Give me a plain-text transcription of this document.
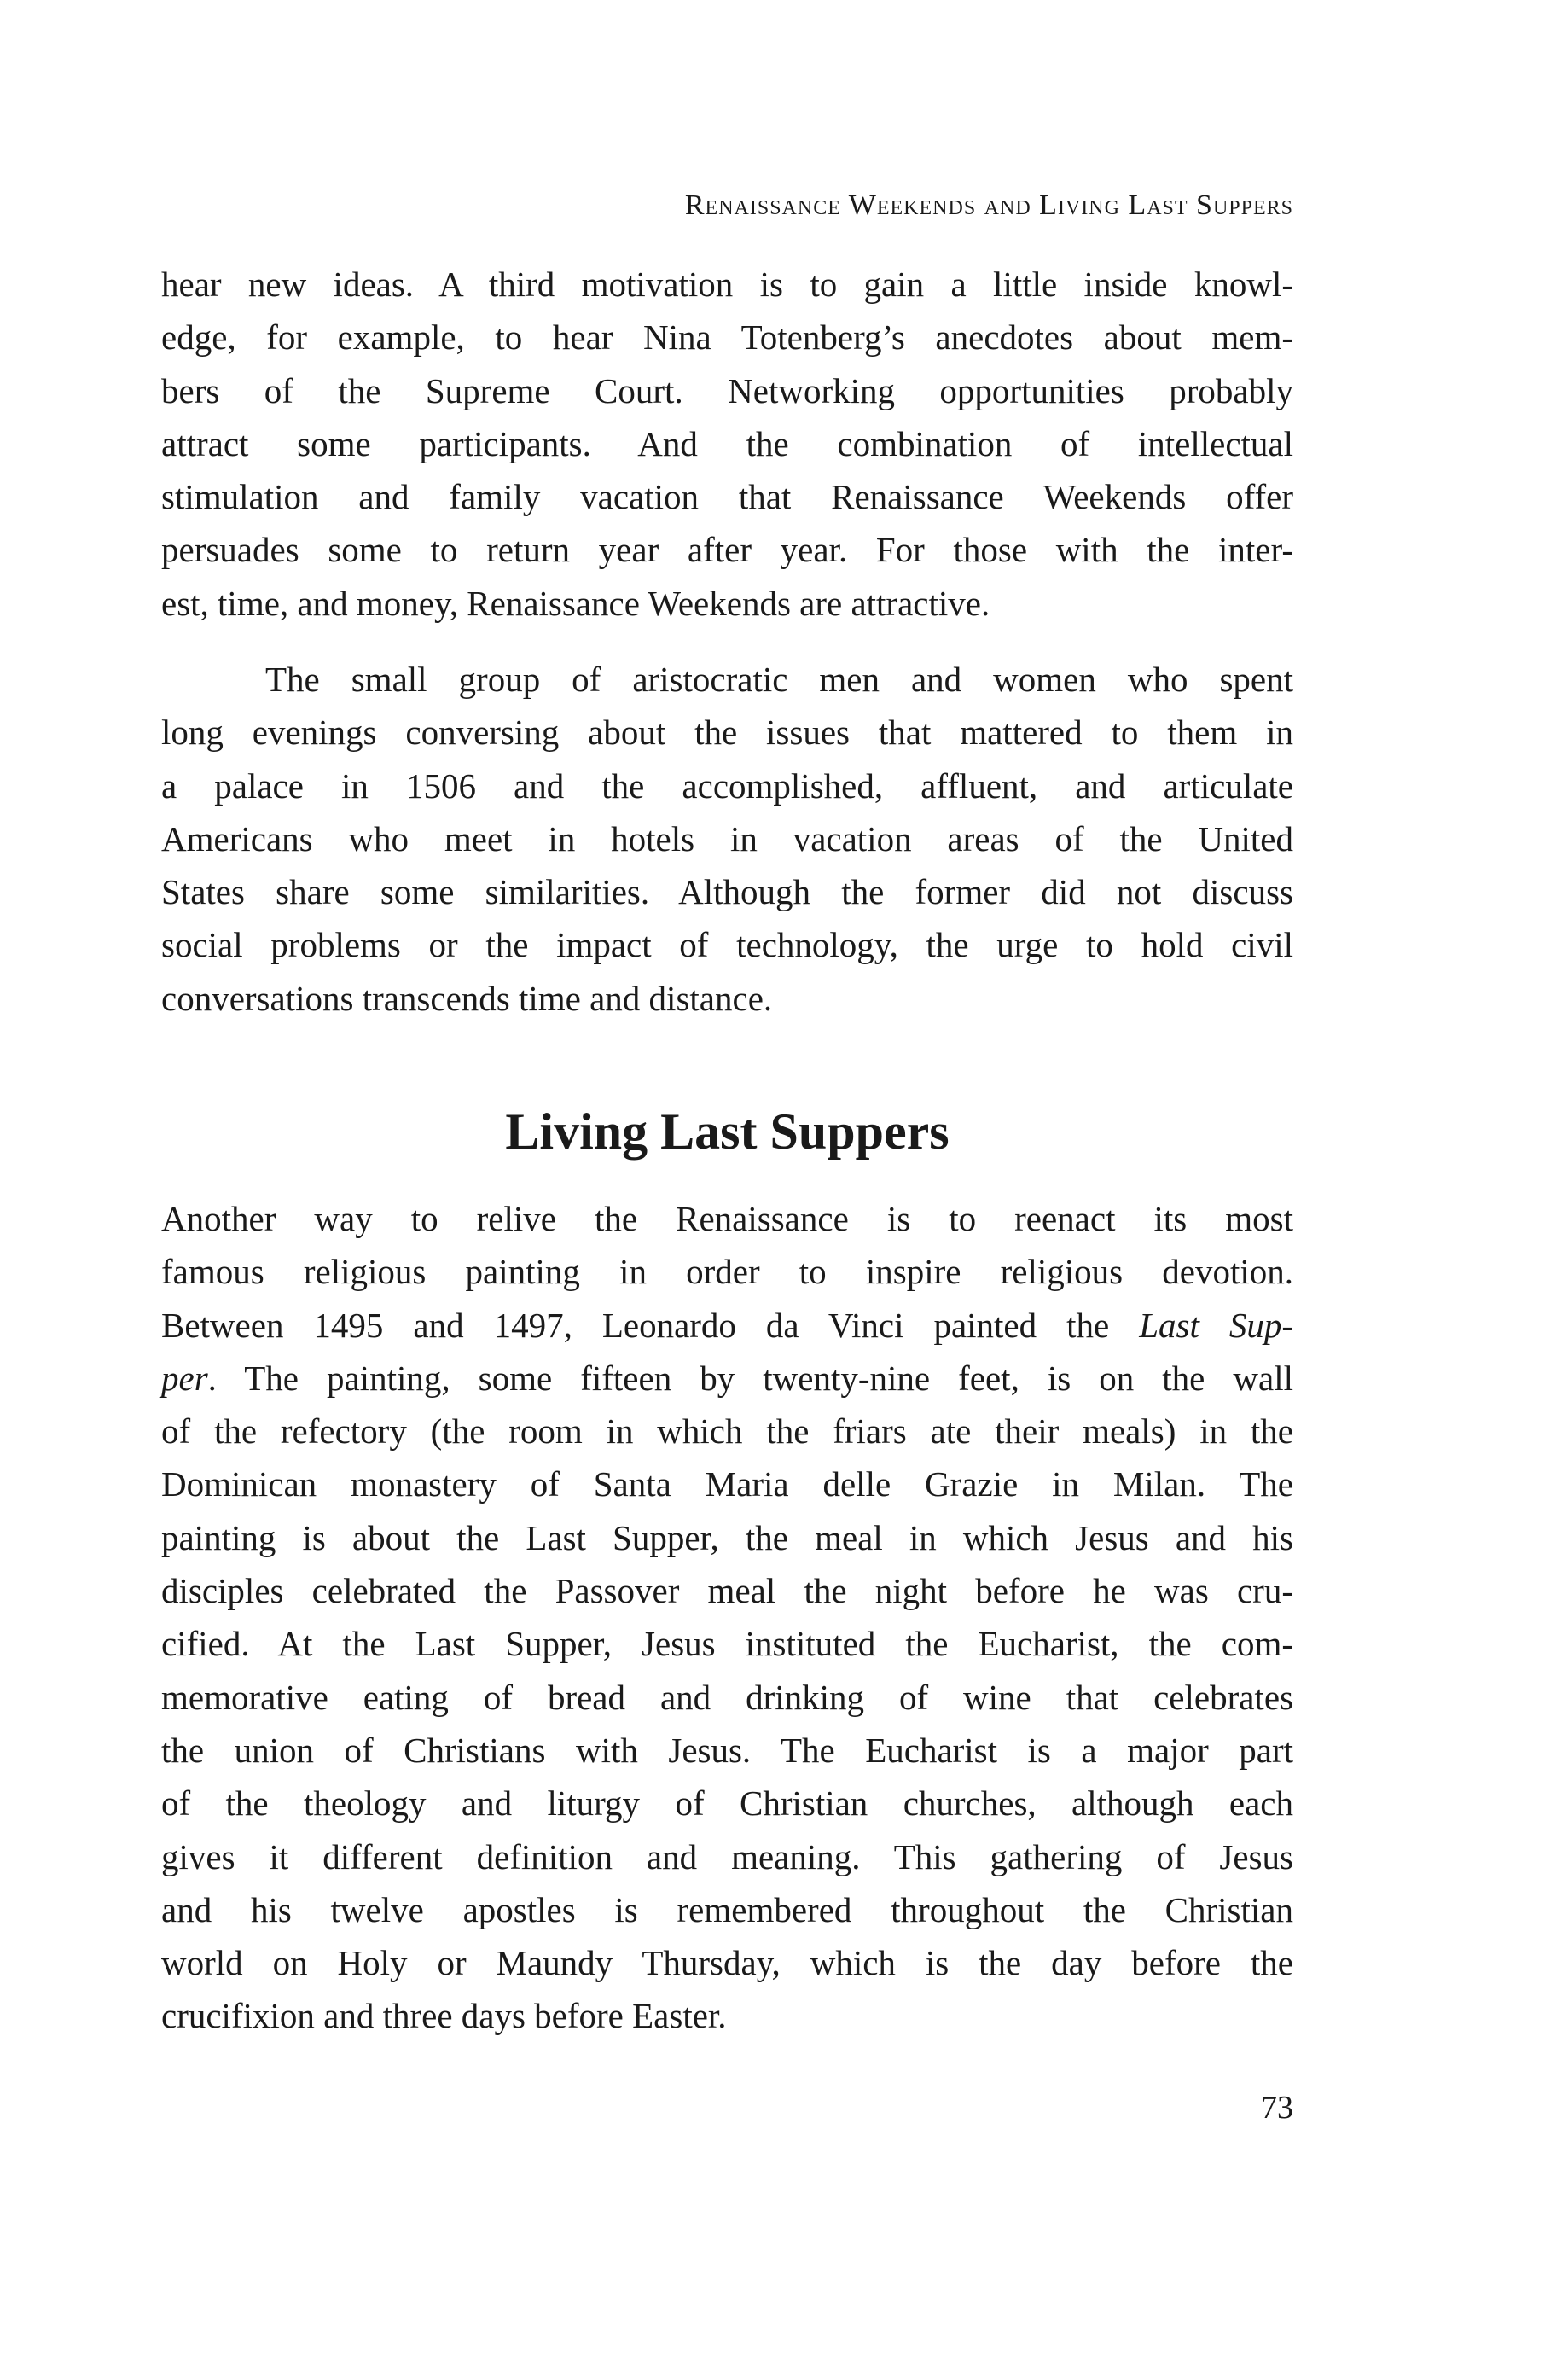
Renaissance Weekends and Living Last Suppers
hear new ideas. A third motivation is to gain a little inside knowl-
edge, for example, to hear Nina Totenberg’s anecdotes about mem-
bers of the Supreme Court. Networking opportunities probably
attract some participants. And the combination of intellectual
stimulation and family vacation that Renaissance Weekends offer
persuades some to return year after year. For those with the inter-
est, time, and money, Renaissance Weekends are attractive.
The small group of aristocratic men and women who spent
long evenings conversing about the issues that mattered to them in
a palace in 1506 and the accomplished, affluent, and articulate
Americans who meet in hotels in vacation areas of the United
States share some similarities. Although the former did not discuss
social problems or the impact of technology, the urge to hold civil
conversations transcends time and distance.
Living Last Suppers
Another way to relive the Renaissance is to reenact its most
famous religious painting in order to inspire religious devotion.
Between 1495 and 1497, Leonardo da Vinci painted the Last Sup-
per. The painting, some fifteen by twenty-nine feet, is on the wall
of the refectory (the room in which the friars ate their meals) in the
Dominican monastery of Santa Maria delle Grazie in Milan. The
painting is about the Last Supper, the meal in which Jesus and his
disciples celebrated the Passover meal the night before he was cru-
cified. At the Last Supper, Jesus instituted the Eucharist, the com-
memorative eating of bread and drinking of wine that celebrates
the union of Christians with Jesus. The Eucharist is a major part
of the theology and liturgy of Christian churches, although each
gives it different definition and meaning. This gathering of Jesus
and his twelve apostles is remembered throughout the Christian
world on Holy or Maundy Thursday, which is the day before the
crucifixion and three days before Easter.
73
